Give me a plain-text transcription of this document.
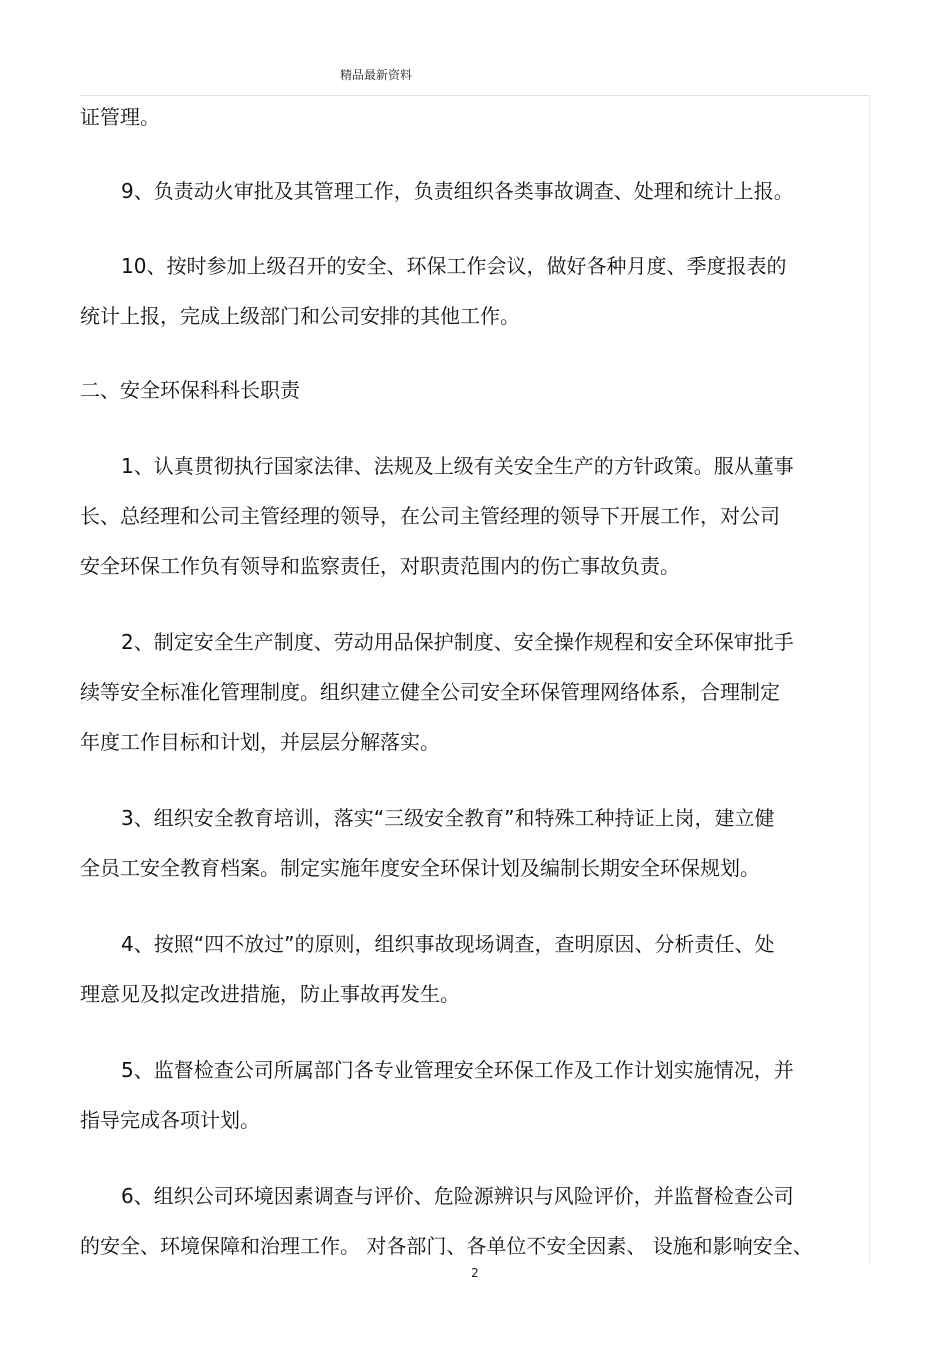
精品最新资料
证管理。
9、负责动火审批及其管理工作，负责组织各类事故调查、处理和统计上报。
10、按时参加上级召开的安全、环保工作会议，做好各种月度、季度报表的
统计上报，完成上级部门和公司安排的其他工作。
二、安全环保科科长职责
1、认真贯彻执行国家法律、法规及上级有关安全生产的方针政策。服从董事
长、总经理和公司主管经理的领导，在公司主管经理的领导下开展工作，对公司
安全环保工作负有领导和监察责任，对职责范围内的伤亡事故负责。
2、制定安全生产制度、劳动用品保护制度、安全操作规程和安全环保审批手
续等安全标准化管理制度。组织建立健全公司安全环保管理网络体系，合理制定
年度工作目标和计划，并层层分解落实。
3、组织安全教育培训，落实“三级安全教育”和特殊工种持证上岗，建立健
全员工安全教育档案。制定实施年度安全环保计划及编制长期安全环保规划。
4、按照“四不放过”的原则，组织事故现场调查，查明原因、分析责任、处
理意见及拟定改进措施，防止事故再发生。
5、监督检查公司所属部门各专业管理安全环保工作及工作计划实施情况，并
指导完成各项计划。
6、组织公司环境因素调查与评价、危险源辨识与风险评价，并监督检查公司
的安全、环境保障和治理工作。 对各部门、各单位不安全因素、 设施和影响安全、
2
